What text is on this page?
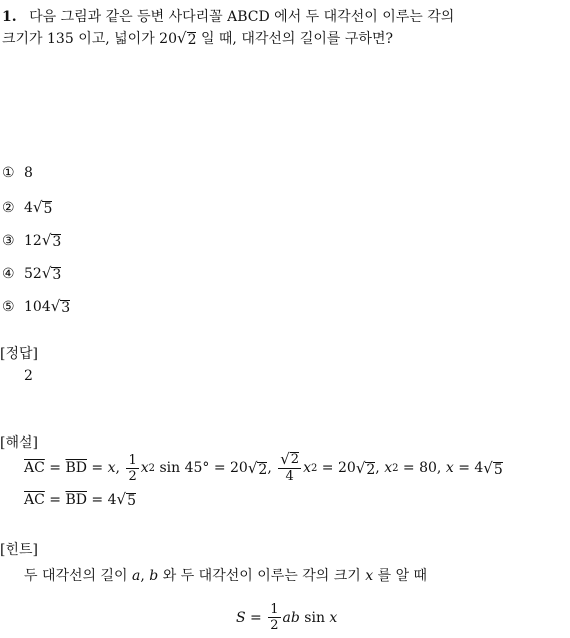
1. 다음 그림과 같은 등변 사다리꼴 ABCD 에서 두 대각선이 이루는 각의
크기가 135 이고, 넓이가 20 √ 2 일 때, 대각선의 길이를 구하면?
① 8
② 4 √ 5
③ 12 √ 3
④ 52 √ 3
⑤ 104 √ 3
[정답]
2
[해설]
$\overline{AC} = \overline{BD} = x$ , $\frac{1}{2}$ x 2 sin 45° = 20 √ 2 , $\frac{√ 2}{4}$ x 2 = 20 √ 2 , x 2 = 80, x = 4 √ 5
$\overline{AC} = \overline{BD} = 4$ √ 5
[힌트]
두 대각선의 길이 a, b 와 두 대각선이 이루는 각의 크기 x 를 알 때
$S = \frac{1}{2}$ ab sin x
